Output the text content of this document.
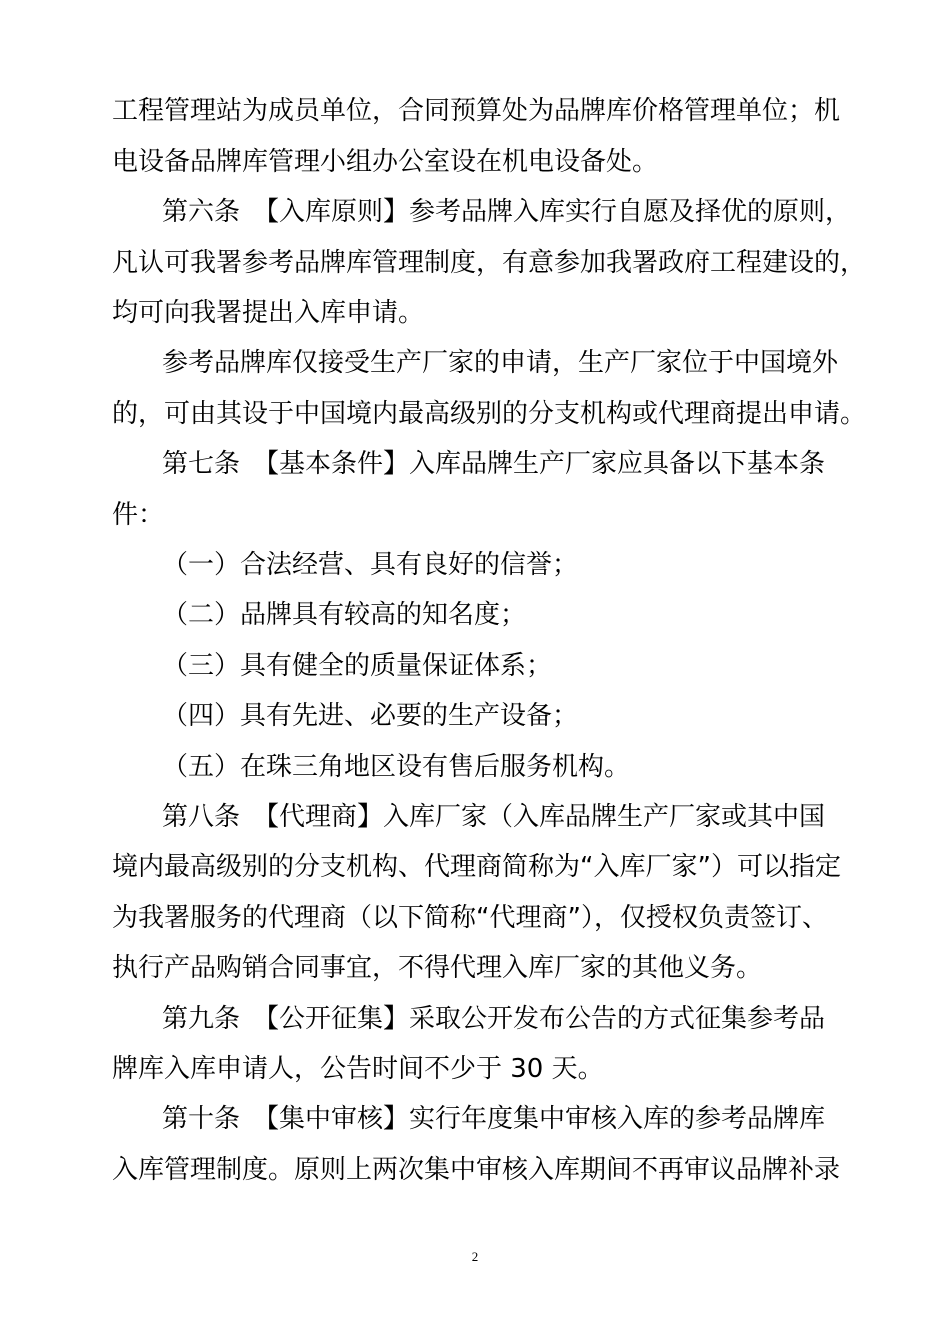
工程管理站为成员单位，合同预算处为品牌库价格管理单位；机
电设备品牌库管理小组办公室设在机电设备处。
第六条　【入库原则】参考品牌入库实行自愿及择优的原则，
凡认可我署参考品牌库管理制度，有意参加我署政府工程建设的，
均可向我署提出入库申请。
参考品牌库仅接受生产厂家的申请，生产厂家位于中国境外
的，可由其设于中国境内最高级别的分支机构或代理商提出申请。
第七条　【基本条件】入库品牌生产厂家应具备以下基本条
件：
（一）合法经营、具有良好的信誉；
（二）品牌具有较高的知名度；
（三）具有健全的质量保证体系；
（四）具有先进、必要的生产设备；
（五）在珠三角地区设有售后服务机构。
第八条　【代理商】入库厂家（入库品牌生产厂家或其中国
境内最高级别的分支机构、代理商简称为“入库厂家”）可以指定
为我署服务的代理商（以下简称“代理商”），仅授权负责签订、
执行产品购销合同事宜，不得代理入库厂家的其他义务。
第九条　【公开征集】采取公开发布公告的方式征集参考品
牌库入库申请人，公告时间不少于 30 天。
第十条　【集中审核】实行年度集中审核入库的参考品牌库
入库管理制度。原则上两次集中审核入库期间不再审议品牌补录
2
